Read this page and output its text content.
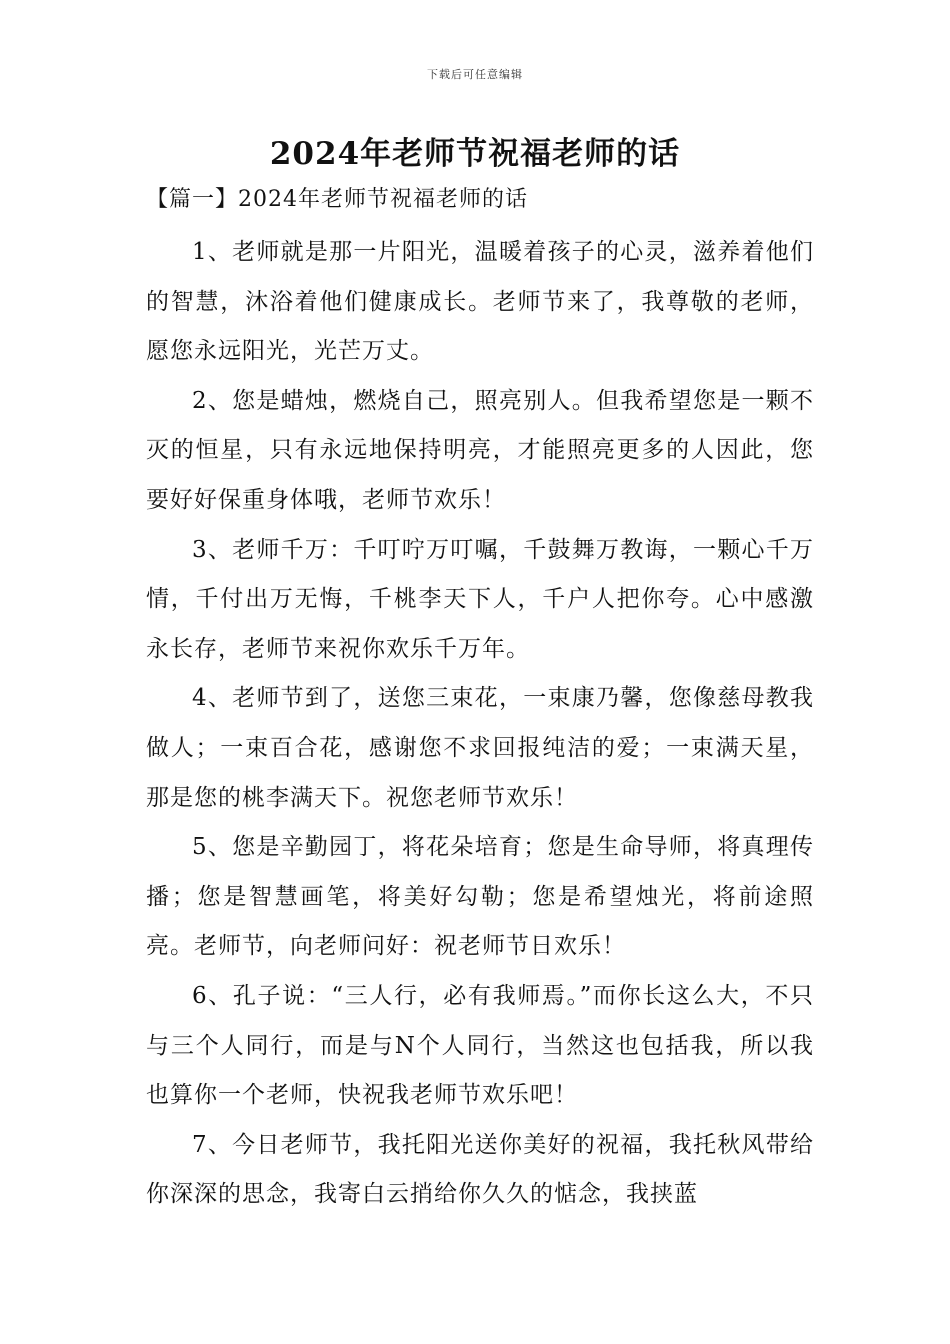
下载后可任意编辑
2024年老师节祝福老师的话
【篇一】2024年老师节祝福老师的话

1、老师就是那一片阳光，温暖着孩子的心灵，滋养着他们的智慧，沐浴着他们健康成长。老师节来了，我尊敬的老师，愿您永远阳光，光芒万丈。

2、您是蜡烛，燃烧自己，照亮别人。但我希望您是一颗不灭的恒星，只有永远地保持明亮，才能照亮更多的人因此，您要好好保重身体哦，老师节欢乐！

3、老师千万：千叮咛万叮嘱，千鼓舞万教诲，一颗心千万情，千付出万无悔，千桃李天下人，千户人把你夸。心中感激永长存，老师节来祝你欢乐千万年。

4、老师节到了，送您三束花，一束康乃馨，您像慈母教我做人；一束百合花，感谢您不求回报纯洁的爱；一束满天星，那是您的桃李满天下。祝您老师节欢乐！

5、您是辛勤园丁，将花朵培育；您是生命导师，将真理传播；您是智慧画笔，将美好勾勒；您是希望烛光，将前途照亮。老师节，向老师问好：祝老师节日欢乐！

6、孔子说：“三人行，必有我师焉。”而你长这么大，不只与三个人同行，而是与N个人同行，当然这也包括我，所以我也算你一个老师，快祝我老师节欢乐吧！

7、今日老师节，我托阳光送你美好的祝福，我托秋风带给你深深的思念，我寄白云捎给你久久的惦念，我挟蓝
